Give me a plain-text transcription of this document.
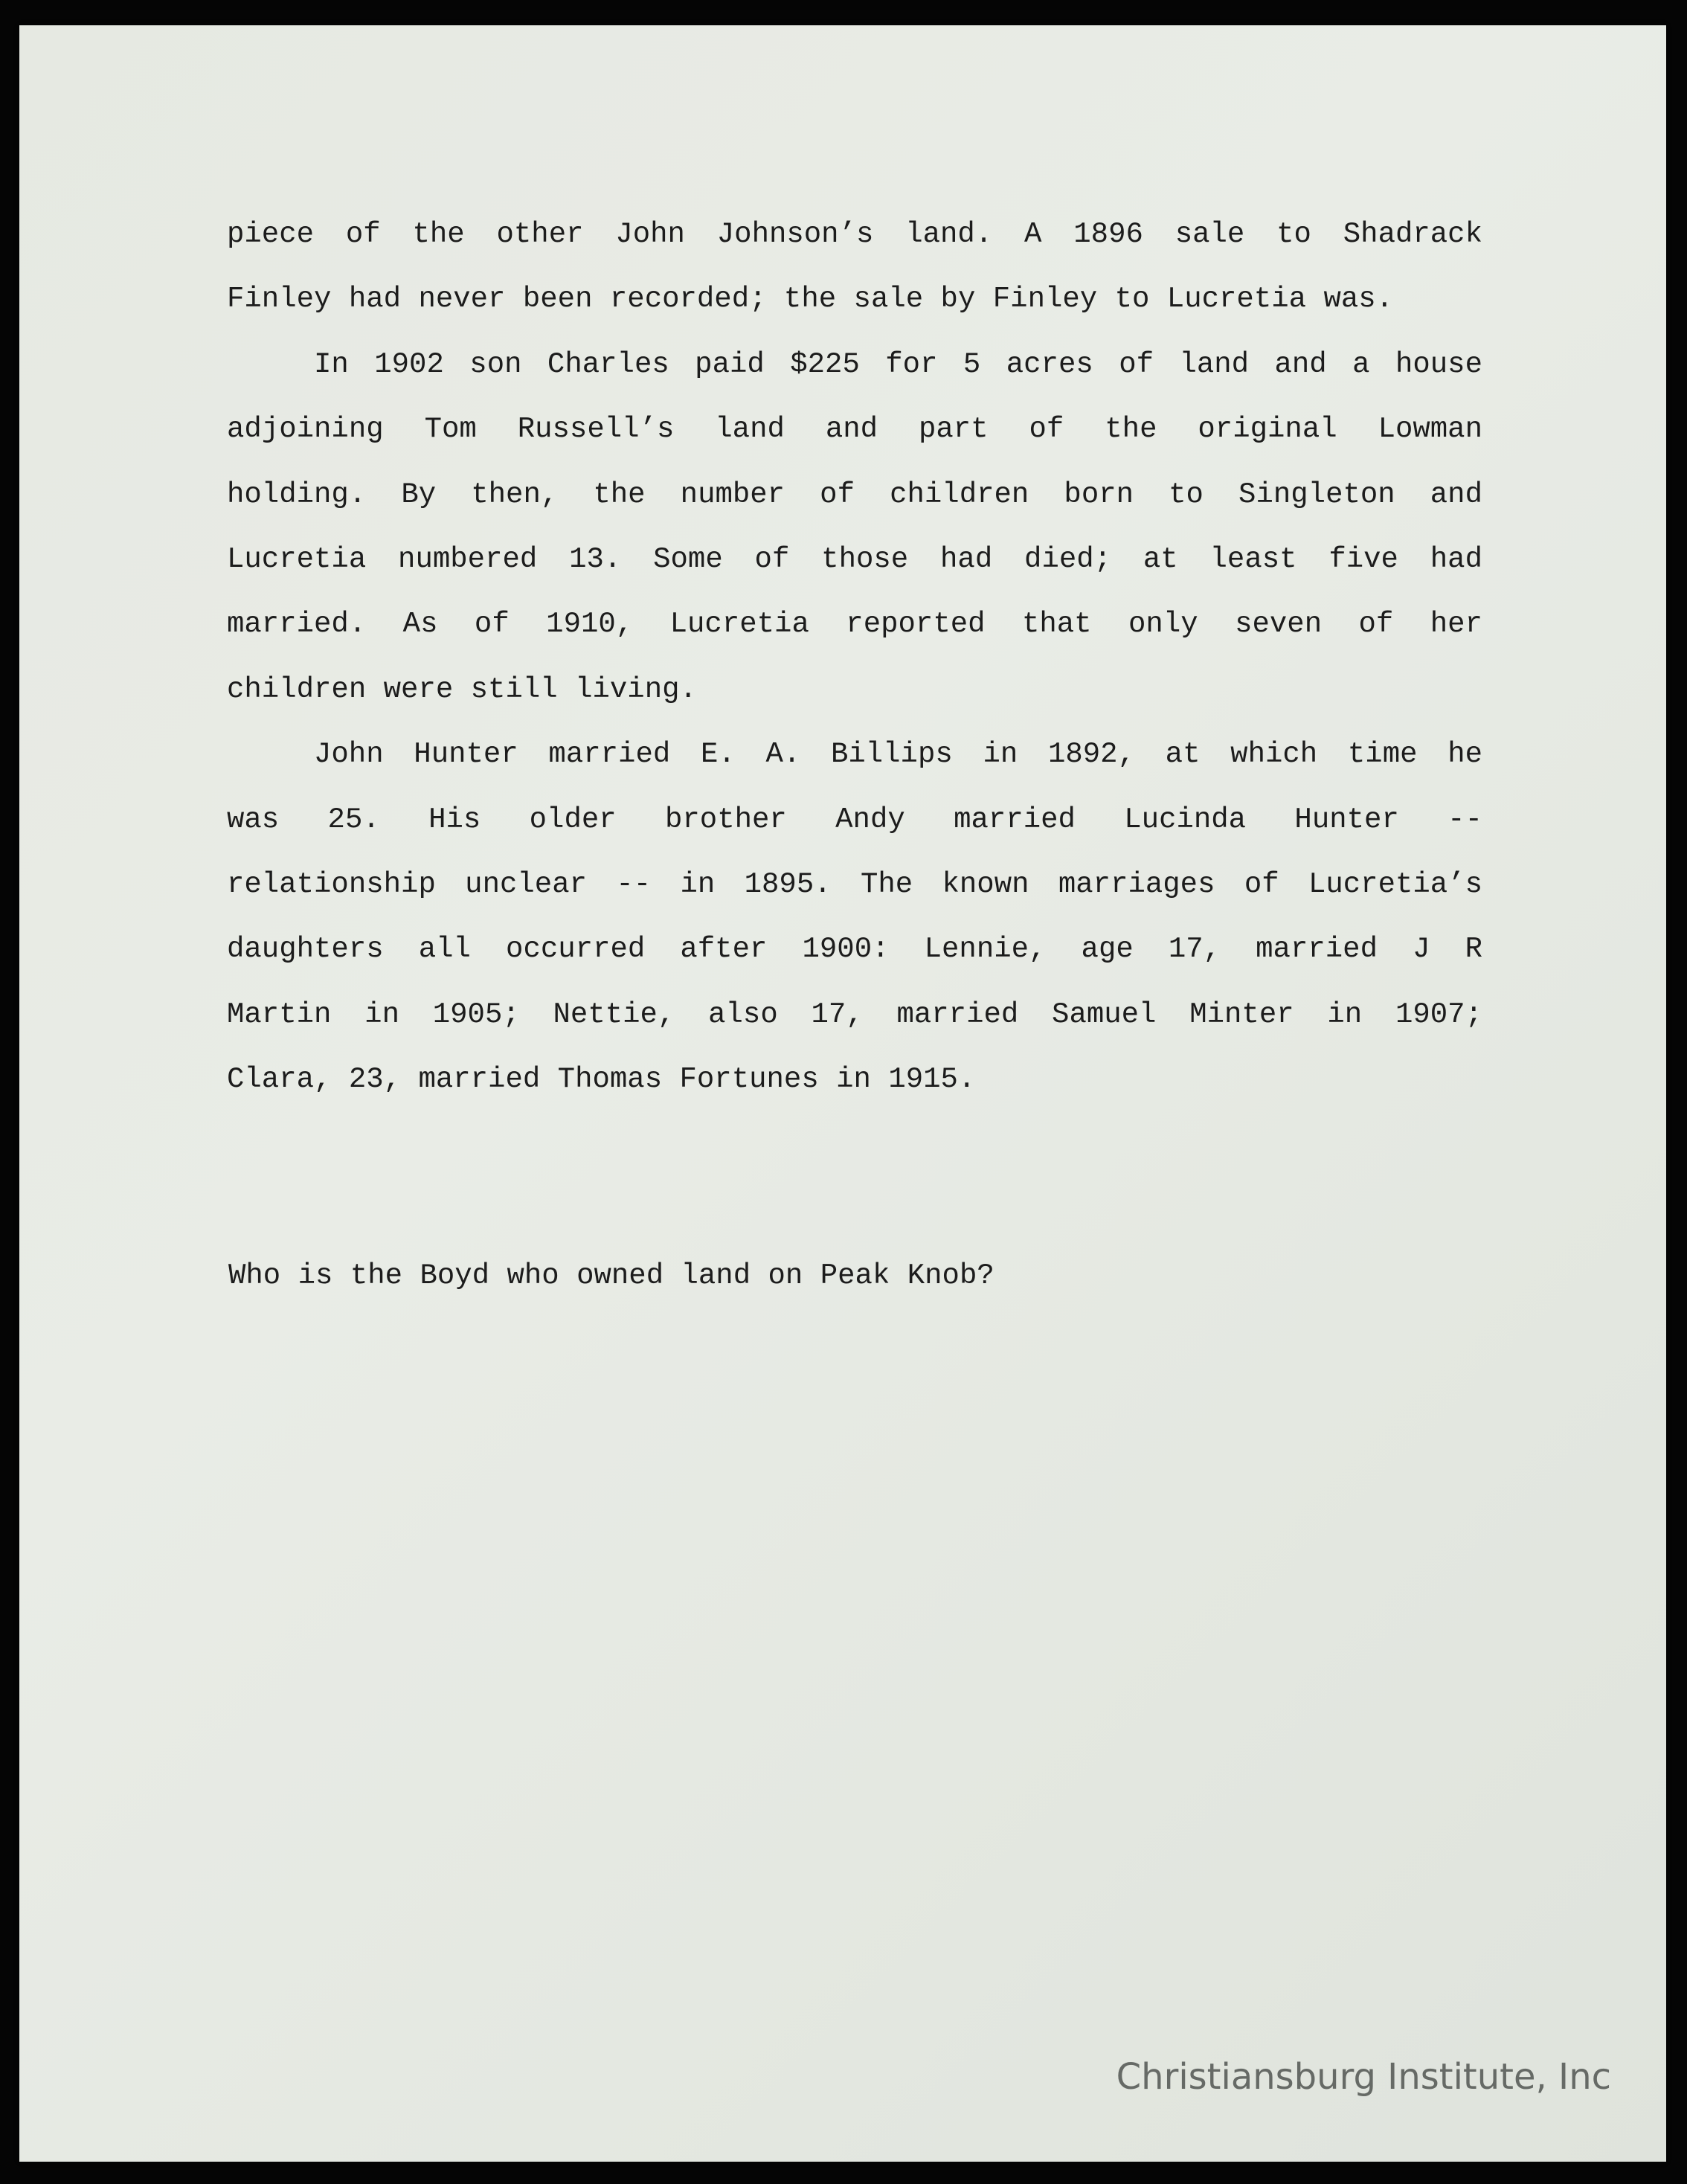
piece of the other John Johnson’s land. A 1896 sale to Shadrack
Finley had never been recorded; the sale by Finley to Lucretia was.
In 1902 son Charles paid $225 for 5 acres of land and a house
adjoining Tom Russell’s land and part of the original Lowman
holding. By then, the number of children born to Singleton and
Lucretia numbered 13. Some of those had died; at least five had
married. As of 1910, Lucretia reported that only seven of her
children were still living.
John Hunter married E. A. Billips in 1892, at which time he
was 25. His older brother Andy married Lucinda Hunter --
relationship unclear -- in 1895. The known marriages of Lucretia’s
daughters all occurred after 1900: Lennie, age 17, married J R
Martin in 1905; Nettie, also 17, married Samuel Minter in 1907;
Clara, 23, married Thomas Fortunes in 1915.
Who is the Boyd who owned land on Peak Knob?
Christiansburg Institute, Inc
